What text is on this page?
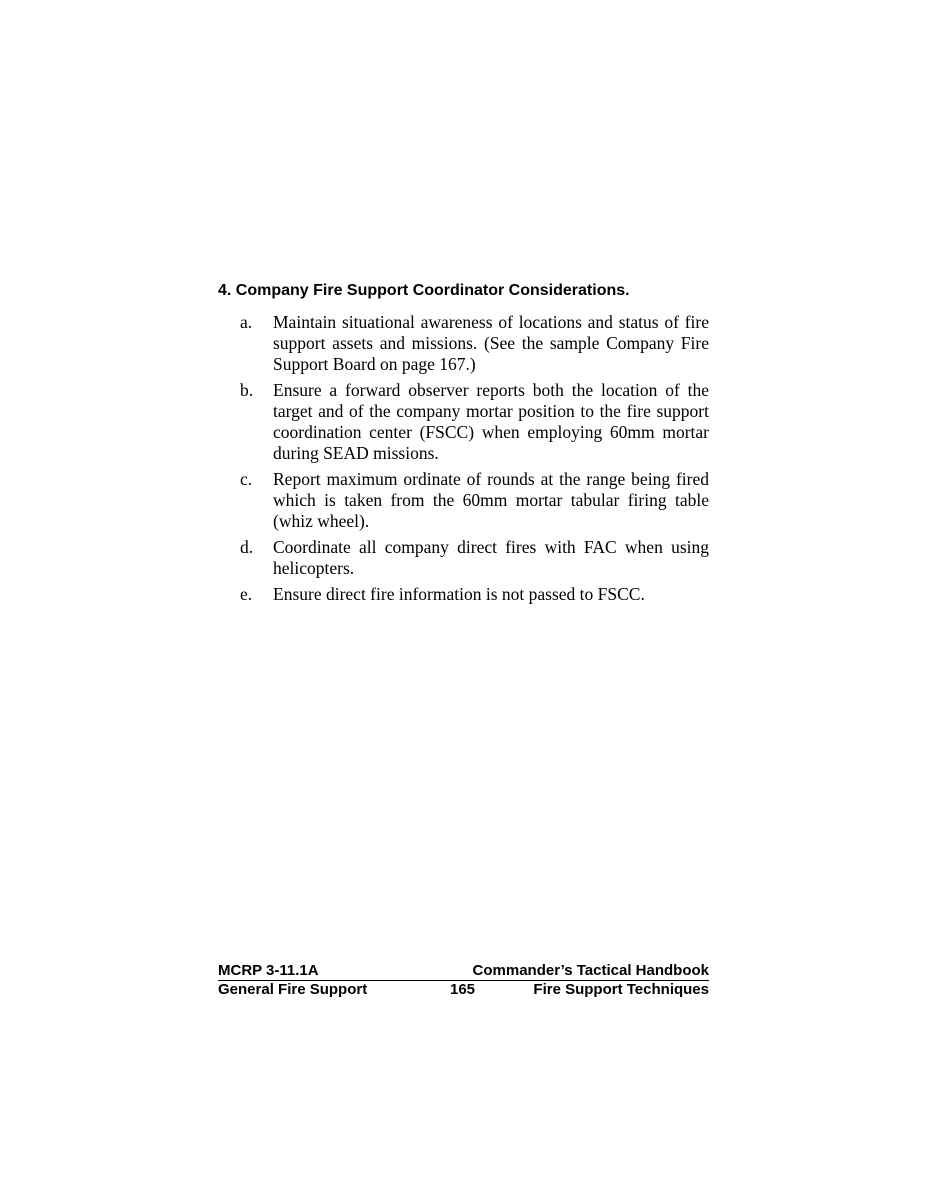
4. Company Fire Support Coordinator Considerations.
a. Maintain situational awareness of locations and status of fire support assets and missions. (See the sample Company Fire Support Board on page 167.)
b. Ensure a forward observer reports both the location of the target and of the company mortar position to the fire support coordination center (FSCC) when employing 60mm mortar during SEAD missions.
c. Report maximum ordinate of rounds at the range being fired which is taken from the 60mm mortar tabular firing table (whiz wheel).
d. Coordinate all company direct fires with FAC when using helicopters.
e. Ensure direct fire information is not passed to FSCC.
MCRP 3-11.1A	Commander’s Tactical Handbook
General Fire Support	165	Fire Support Techniques
